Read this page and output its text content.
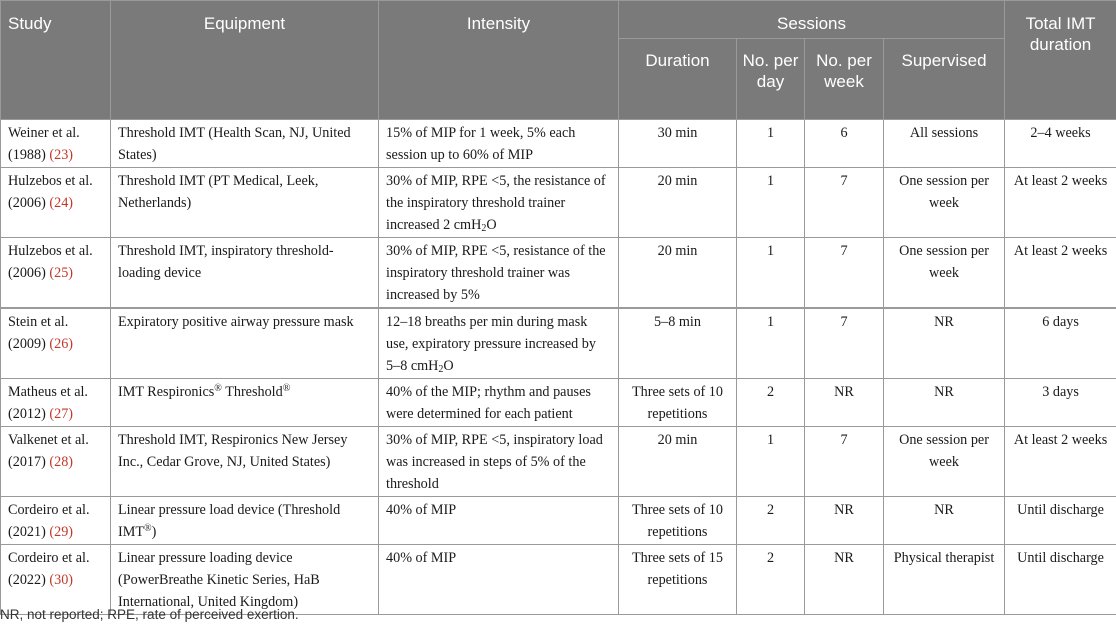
Study	Equipment	Intensity	Sessions				Total IMT duration
			Duration	No. per day	No. per week	Supervised	
Weiner et al. (1988) (23)	Threshold IMT (Health Scan, NJ, United States)	15% of MIP for 1 week, 5% each session up to 60% of MIP	30 min	1	6	All sessions	2–4 weeks
Hulzebos et al. (2006) (24)	Threshold IMT (PT Medical, Leek, Netherlands)	30% of MIP, RPE <5, the resistance of the inspiratory threshold trainer increased 2 cmH$_2$O	20 min	1	7	One session per week	At least 2 weeks
Hulzebos et al. (2006) (25)	Threshold IMT, inspiratory threshold-loading device	30% of MIP, RPE <5, resistance of the inspiratory threshold trainer was increased by 5%	20 min	1	7	One session per week	At least 2 weeks
Stein et al. (2009) (26)	Expiratory positive airway pressure mask	12–18 breaths per min during mask use, expiratory pressure increased by 5–8 cmH$_2$O	5–8 min	1	7	NR	6 days
Matheus et al. (2012) (27)	IMT Respironics® Threshold®	40% of the MIP; rhythm and pauses were determined for each patient	Three sets of 10 repetitions	2	NR	NR	3 days
Valkenet et al. (2017) (28)	Threshold IMT, Respironics New Jersey Inc., Cedar Grove, NJ, United States)	30% of MIP, RPE <5, inspiratory load was increased in steps of 5% of the threshold	20 min	1	7	One session per week	At least 2 weeks
Cordeiro et al. (2021) (29)	Linear pressure load device (Threshold IMT®)	40% of MIP	Three sets of 10 repetitions	2	NR	NR	Until discharge
Cordeiro et al. (2022) (30)	Linear pressure loading device (PowerBreathe Kinetic Series, HaB International, United Kingdom)	40% of MIP	Three sets of 15 repetitions	2	NR	Physical therapist	Until discharge
NR, not reported; RPE, rate of perceived exertion.
